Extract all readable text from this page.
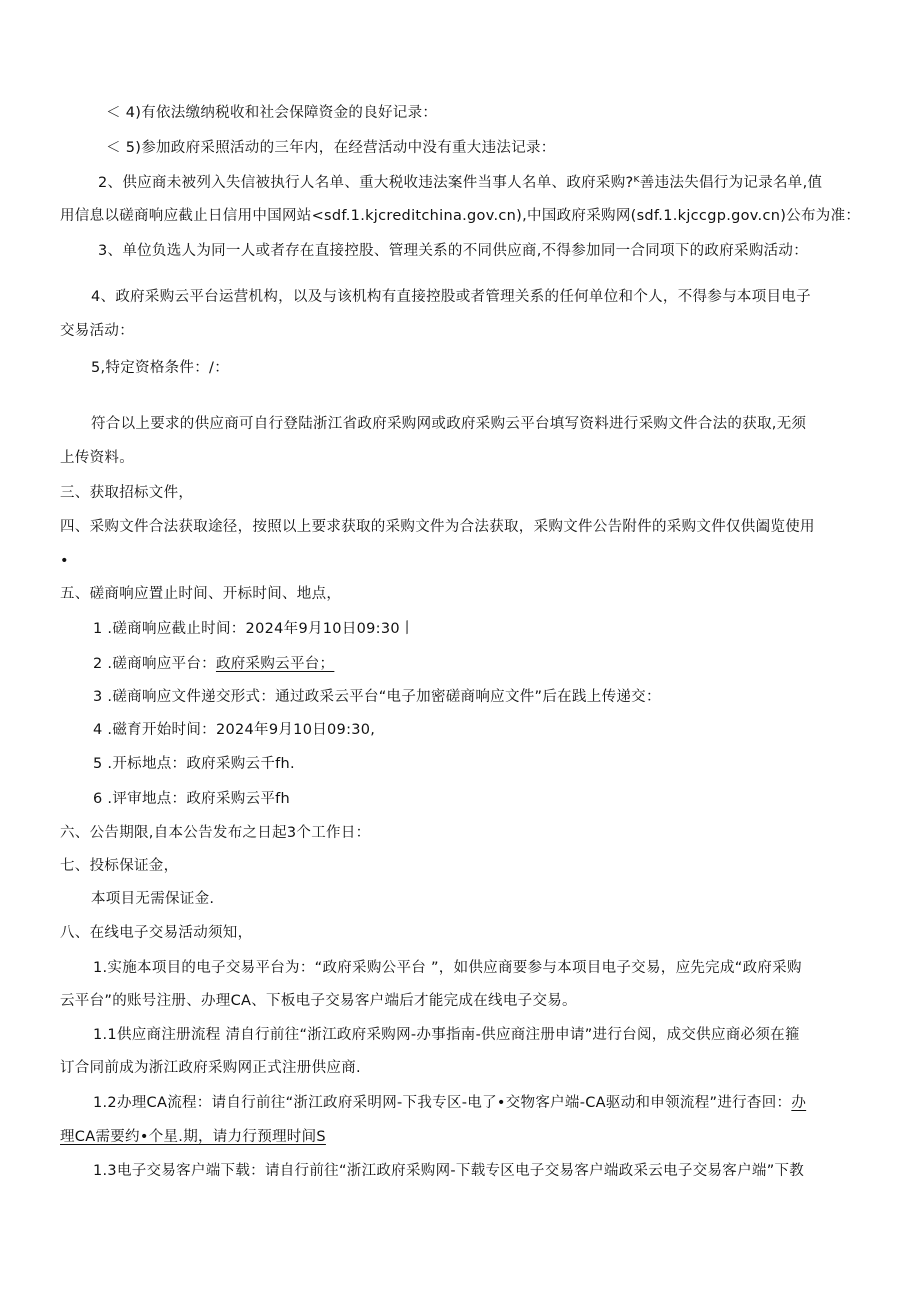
＜ 4)有依法缴纳税收和社会保障资金的良好记录：
＜ 5)参加政府采照活动的三年内，在经营活动中没有重大违法记录：
2、供应商未被列入失信被执行人名单、重大税收违法案件当事人名单、政府采购?ᴷ善违法失倡行为记录名单,值
用信息以磋商响应截止日信用中国网站<sdf.1.kjcreditchina.gov.cn),中国政府采购网(sdf.1.kjccgp.gov.cn)公布为准：
3、单位负选人为同一人或者存在直接控股、管理关系的不同供应商,不得参加同一合同项下的政府采购活动：
4、政府采购云平台运营机构，以及与该机构有直接控股或者管理关系的任何单位和个人，不得参与本项目电子
交易活动：
5,特定资格条件：/：
符合以上要求的供应商可自行登陆浙江省政府采购网或政府采购云平台填写资料进行采购文件合法的获取,无须
上传资料。
三、获取招标文件，
四、采购文件合法获取途径，按照以上要求获取的采购文件为合法获取，采购文件公告附件的采购文件仅供阖览使用
•
五、磋商响应置止时间、开标时间、地点，
1 .磋商响应截止时间：2024年9月10日09:30丨
2 .磋商响应平台：政府采购云平台；
3 .磋商响应文件递交形式：通过政采云平台“电子加密磋商响应文件”后在践上传递交：
4 .磁育开始时间：2024年9月10日09:30,
5 .开标地点：政府采购云千fh.
6 .评审地点：政府采购云平fh
六、公告期限,自本公告发布之日起3个工作日：
七、投标保证金，
本项目无需保证金.
八、在线电子交易活动须知，
1.实施本项目的电子交易平台为：“政府采购公平台 ”，如供应商要参与本项目电子交易，应先完成“政府采购
云平台”的账号注册、办理CA、下板电子交易客户端后才能完成在线电子交易。
1.1供应商注册流程 清自行前往“浙江政府采购网-办事指南-供应商注册申请”进行台阅，成交供应商必须在箍
订合同前成为浙江政府采购网正式注册供应商.
1.2办理CA流程：请自行前往“浙江政府采明网-下我专区-电了•交物客户端-CA驱动和申领流程”进行杳回：办
理CA需要约•个星.期，请力行预理时间S
1.3电子交易客户端下载：请自行前往“浙江政府采购网-下载专区电子交易客户端政采云电子交易客户端”下教
